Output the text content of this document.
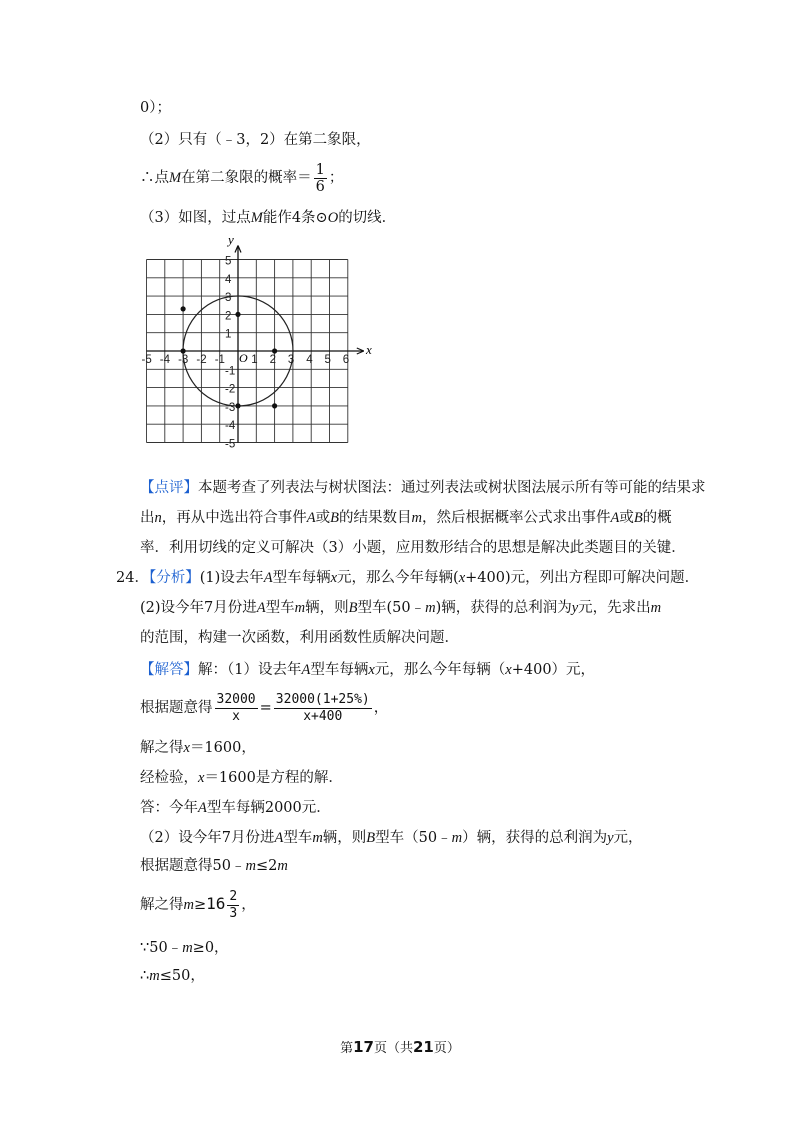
0）；
（2）只有（﹣3，2）在第二象限，
∴点M在第二象限的概率＝ $\frac{1}{6}$ ；
（3）如图，过点M能作4条⊙O的切线．
-5 -4 -3 -2 -1 1 2 3 4 5 6
5
4
3
2
1
-1
-2
-3
-4
-5
x
y
O
【点评】本题考查了列表法与树状图法：通过列表法或树状图法展示所有等可能的结果求
出n，再从中选出符合事件A或B的结果数目m，然后根据概率公式求出事件A或B的概
率．利用切线的定义可解决（3）小题，应用数形结合的思想是解决此类题目的关键．
24．【分析】(1)设去年A型车每辆x元，那么今年每辆(x+400)元，列出方程即可解决问题．
(2)设今年7月份进A型车m辆，则B型车(50﹣m)辆，获得的总利润为y元，先求出m
的范围，构建一次函数，利用函数性质解决问题．
【解答】解：（1）设去年A型车每辆x元，那么今年每辆（x+400）元，
根据题意得 $\frac{32000}{x} = \frac{32000(1+25\%)}{x+400}$ ，
解之得x＝1600，
经检验，x＝1600是方程的解．
答：今年A型车每辆2000元．
（2）设今年7月份进A型车m辆，则B型车（50﹣m）辆，获得的总利润为y元，
根据题意得50﹣m≤2m
解之得$m\ge 16 \frac{2}{3}$ ，
∵50﹣m≥0，
∴m≤50，
第17页（共21页）
